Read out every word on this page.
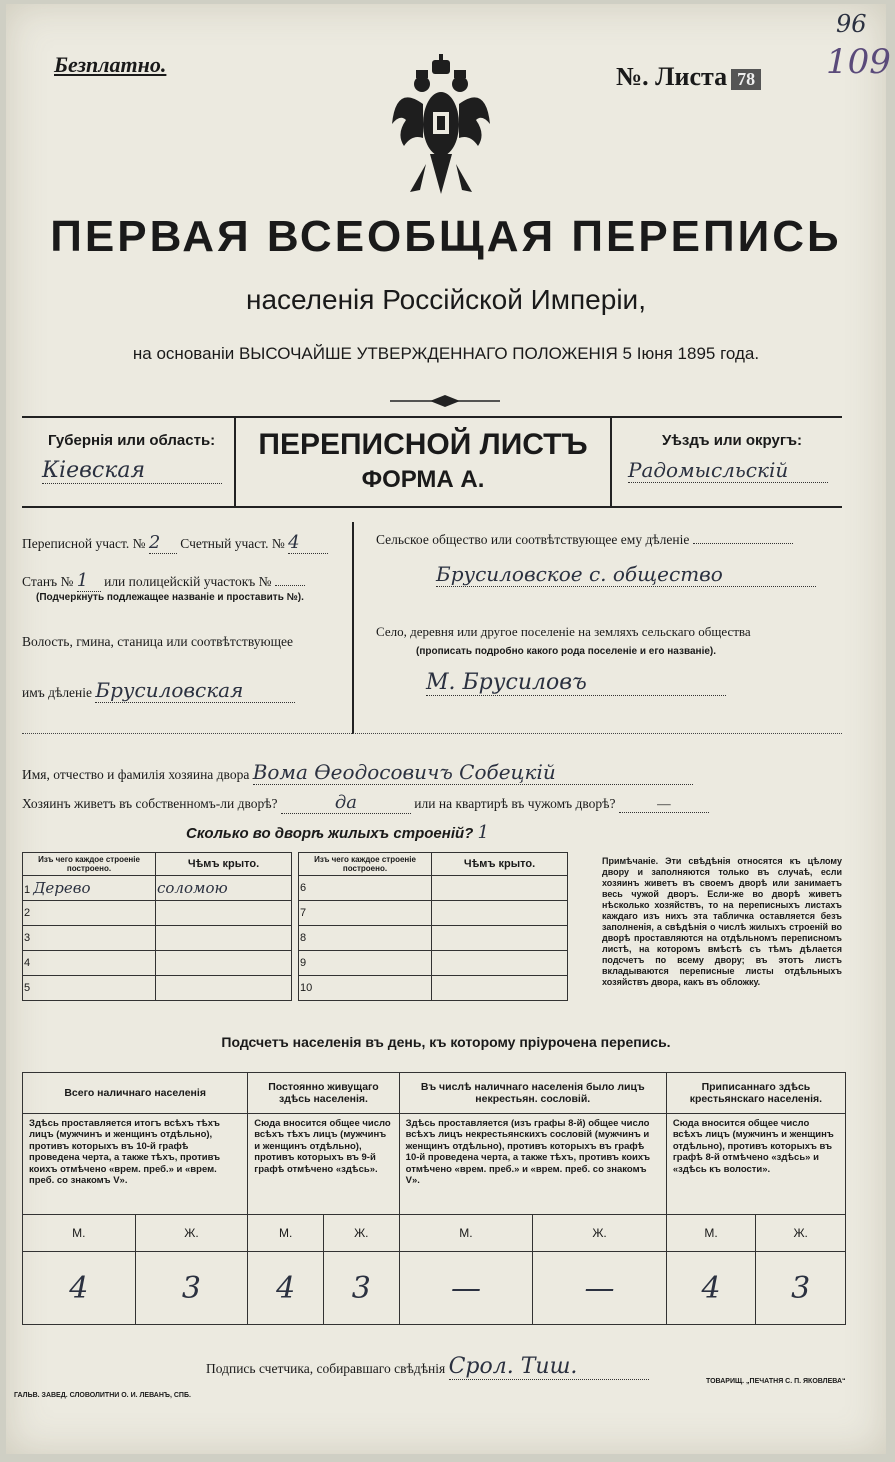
Безплатно.	№. Листа 78
96
109
ПЕРВАЯ ВСЕОБЩАЯ ПЕРЕПИСЬ
населенія Россійской Имперіи,
на основаніи ВЫСОЧАЙШЕ УТВЕРЖДЕННАГО ПОЛОЖЕНІЯ 5 Іюня 1895 года.
Губернія или область:
Кіевская
ПЕРЕПИСНОЙ ЛИСТЪ
ФОРМА А.
Уѣздъ или округъ:
Радомысльскій
Переписной участ. № 2 Счетный участ. № 4
Станъ № 1 или полицейскій участокъ №
(Подчеркнуть подлежащее названіе и проставить №).
Волость, гмина, станица или соотвѣтствующее
имъ дѣленіе Брусиловская
Сельское общество или соотвѣтствующее ему дѣленіе
Брусиловское с. общество
Село, деревня или другое поселеніе на земляхъ сельскаго общества
(прописать подробно какого рода поселеніе и его названіе).
М. Брусиловъ
Имя, отчество и фамилія хозяина двора Вома Өеодосовичъ Собецкій
Хозяинъ живетъ въ собственномъ-ли дворѣ?	да	или на квартирѣ въ чужомъ дворѣ?	—
Сколько во дворѣ жилыхъ строеній? 1
Изъ чего каждое строеніе построено.	Чѣмъ крыто.
1 Дерево	соломою
2	
3	
4	
5	
Изъ чего каждое строеніе построено.	Чѣмъ крыто.
6	
7	
8	
9	
10	
Примѣчаніе. Эти свѣдѣнія относятся къ цѣлому двору и заполняются только въ случаѣ, если хозяинъ живетъ въ своемъ дворѣ или занимаетъ весь чужой дворъ. Если-же во дворѣ живетъ нѣсколько хозяйствъ, то на переписныхъ листахъ каждаго изъ нихъ эта табличка оставляется безъ заполненія, а свѣдѣнія о числѣ жилыхъ строеній во дворѣ проставляются на отдѣльномъ переписномъ листѣ, на которомъ вмѣстѣ съ тѣмъ дѣлается подсчетъ по всему двору; въ этотъ листъ вкладываются переписные листы отдѣльныхъ хозяйствъ двора, какъ въ обложку.
Подсчетъ населенія въ день, къ которому пріурочена перепись.
Всего наличнаго населенія		Постоянно живущаго здѣсь населенія.		Въ числѣ наличнаго населенія было лицъ некрестьян. сословій.		Приписаннаго здѣсь крестьянскаго населенія.	
Здѣсь проставляется итогъ всѣхъ тѣхъ лицъ (мужчинъ и женщинъ отдѣльно), противъ которыхъ въ 10-й графѣ проведена черта, а также тѣхъ, противъ коихъ отмѣчено «врем. преб.» и «врем. преб. со знакомъ V».		Сюда вносится общее число всѣхъ тѣхъ лицъ (мужчинъ и женщинъ отдѣльно), противъ которыхъ въ 9-й графѣ отмѣчено «здѣсь».		Здѣсь проставляется (изъ графы 8-й) общее число всѣхъ лицъ некрестьянскихъ сословій (мужчинъ и женщинъ отдѣльно), противъ которыхъ въ графѣ 10-й проведена черта, а также тѣхъ, противъ коихъ отмѣчено «врем. преб.» и «врем. преб. со знакомъ V».		Сюда вносится общее число всѣхъ лицъ (мужчинъ и женщинъ отдѣльно), противъ которыхъ въ графѣ 8-й отмѣчено «здѣсь» и «здѣсь къ волости».	
М.	Ж.	М.	Ж.	М.	Ж.	М.	Ж.
4	3	4	3	—	—	4	3
Подпись счетчика, собиравшаго свѣдѣнія Срол. Тиш.
ГАЛЬВ. ЗАВЕД. СЛОВОЛИТНИ О. И. ЛЕВАНЪ, СПБ.
ТОВАРИЩ. „ПЕЧАТНЯ С. П. ЯКОВЛЕВА“
